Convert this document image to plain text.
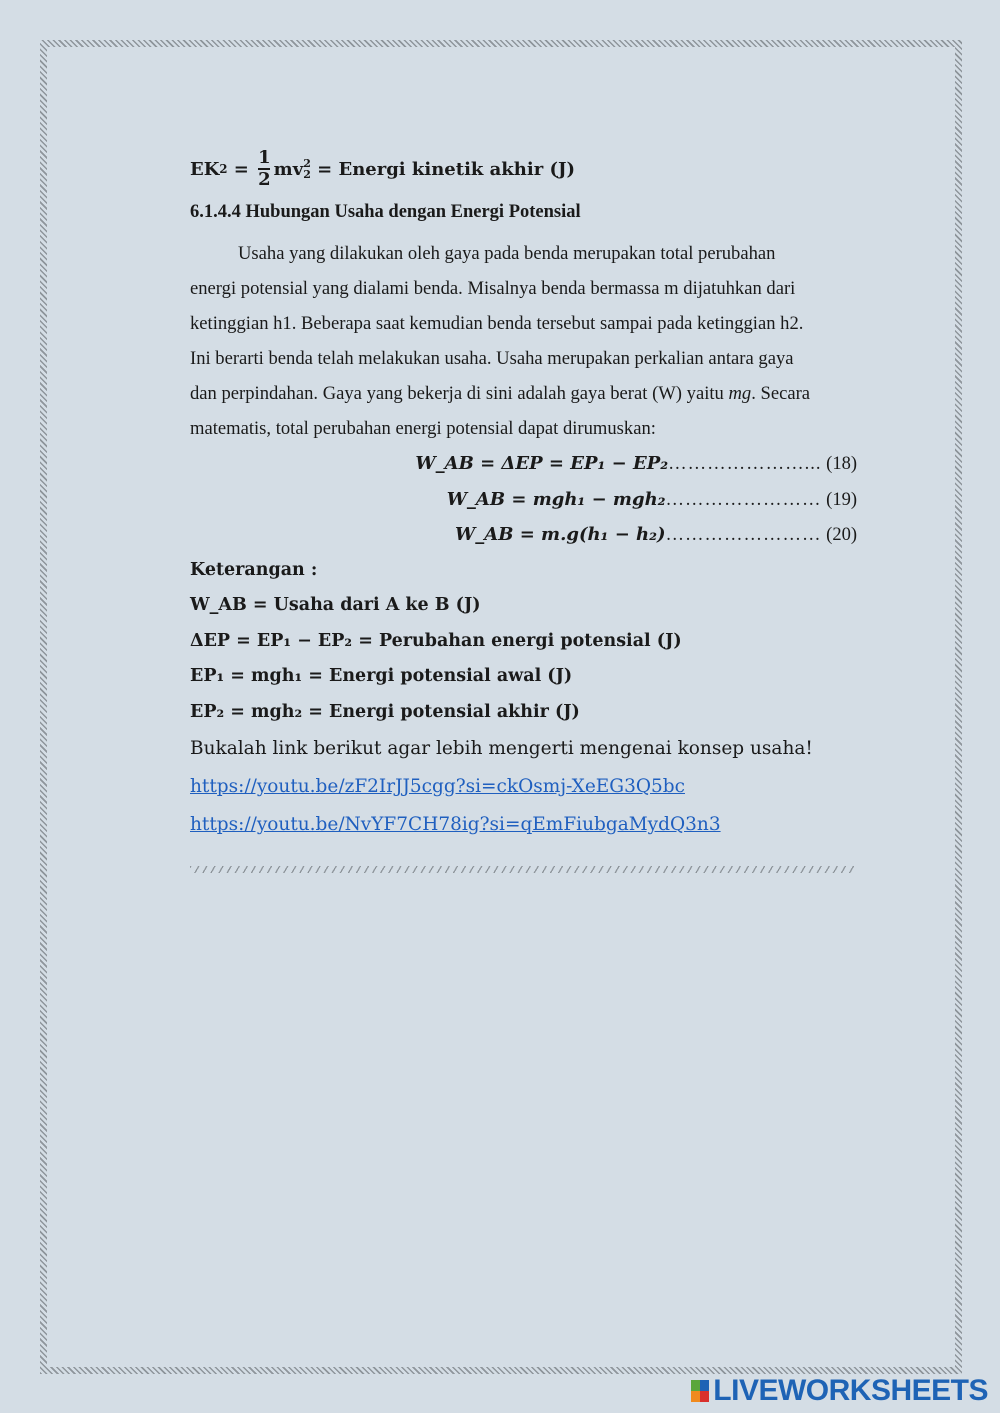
EK $2 = \frac{1}{2}$ mv 2
2
= Energi kinetik akhir (J)
6.1.4.4 Hubungan Usaha dengan Energi Potensial
Usaha yang dilakukan oleh gaya pada benda merupakan total perubahan
energi potensial yang dialami benda. Misalnya benda bermassa m dijatuhkan dari
ketinggian h1. Beberapa saat kemudian benda tersebut sampai pada ketinggian h2.
Ini berarti benda telah melakukan usaha. Usaha merupakan perkalian antara gaya
dan perpindahan. Gaya yang bekerja di sini adalah gaya berat (W) yaitu mg. Secara
matematis, total perubahan energi potensial dapat dirumuskan:
W_AB = ΔEP = EP₁ − EP₂…………………... (18)
W_AB = mgh₁ − mgh₂…………………… (19)
W_AB = m.g(h₁ − h₂)…………………… (20)
Keterangan :
W_AB = Usaha dari A ke B (J)
ΔEP = EP₁ − EP₂ = Perubahan energi potensial (J)
EP₁ = mgh₁ = Energi potensial awal (J)
EP₂ = mgh₂ = Energi potensial akhir (J)
Bukalah link berikut agar lebih mengerti mengenai konsep usaha!
https://youtu.be/zF2IrJJ5cgg?si=ckOsmj-XeEG3Q5bc
https://youtu.be/NvYF7CH78ig?si=qEmFiubgaMydQ3n3
LIVEWORKSHEETS
